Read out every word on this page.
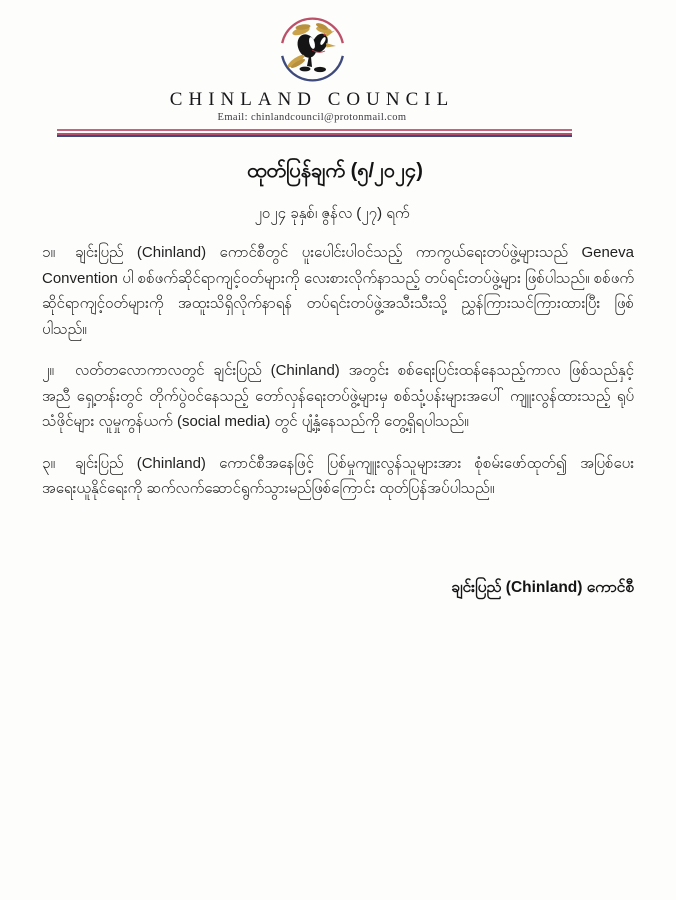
CHINLAND COUNCIL
Email: chinlandcouncil@protonmail.com
ထုတ်ပြန်ချက် (၅/၂၀၂၄)
၂၀၂၄ ခုနှစ်၊ ဇွန်လ (၂၇) ရက်

၁။ ချင်းပြည် (Chinland) ကောင်စီတွင် ပူးပေါင်းပါဝင်သည့် ကာကွယ်ရေးတပ်ဖွဲ့များသည် Geneva Convention ပါ စစ်ဖက်ဆိုင်ရာကျင့်ဝတ်များကို လေးစားလိုက်နာသည့် တပ်ရင်းတပ်ဖွဲ့များ ဖြစ်ပါသည်။ စစ်ဖက်ဆိုင်ရာကျင့်ဝတ်များကို အထူးသိရှိလိုက်နာရန် တပ်ရင်းတပ်ဖွဲ့အသီးသီးသို့ ညွှန်ကြားသင်ကြားထားပြီး ဖြစ်ပါသည်။

၂။ လတ်တလောကာလတွင် ချင်းပြည် (Chinland) အတွင်း စစ်ရေးပြင်းထန်နေသည့်ကာလ ဖြစ်သည်နှင့်အညီ ရှေ့တန်းတွင် တိုက်ပွဲဝင်နေသည့် တော်လှန်ရေးတပ်ဖွဲ့များမှ စစ်သုံ့ပန်းများအပေါ် ကျူးလွန်ထားသည့် ရုပ်သံဖိုင်များ လူမှုကွန်ယက် (social media) တွင် ပျံ့နှံ့နေသည်ကို တွေ့ရှိရပါသည်။

၃။ ချင်းပြည် (Chinland) ကောင်စီအနေဖြင့် ပြစ်မှုကျူးလွန်သူများအား စုံစမ်းဖော်ထုတ်၍ အပြစ်ပေးအရေးယူနိုင်ရေးကို ဆက်လက်ဆောင်ရွက်သွားမည်ဖြစ်ကြောင်း ထုတ်ပြန်အပ်ပါသည်။

ချင်းပြည် (Chinland) ကောင်စီ
